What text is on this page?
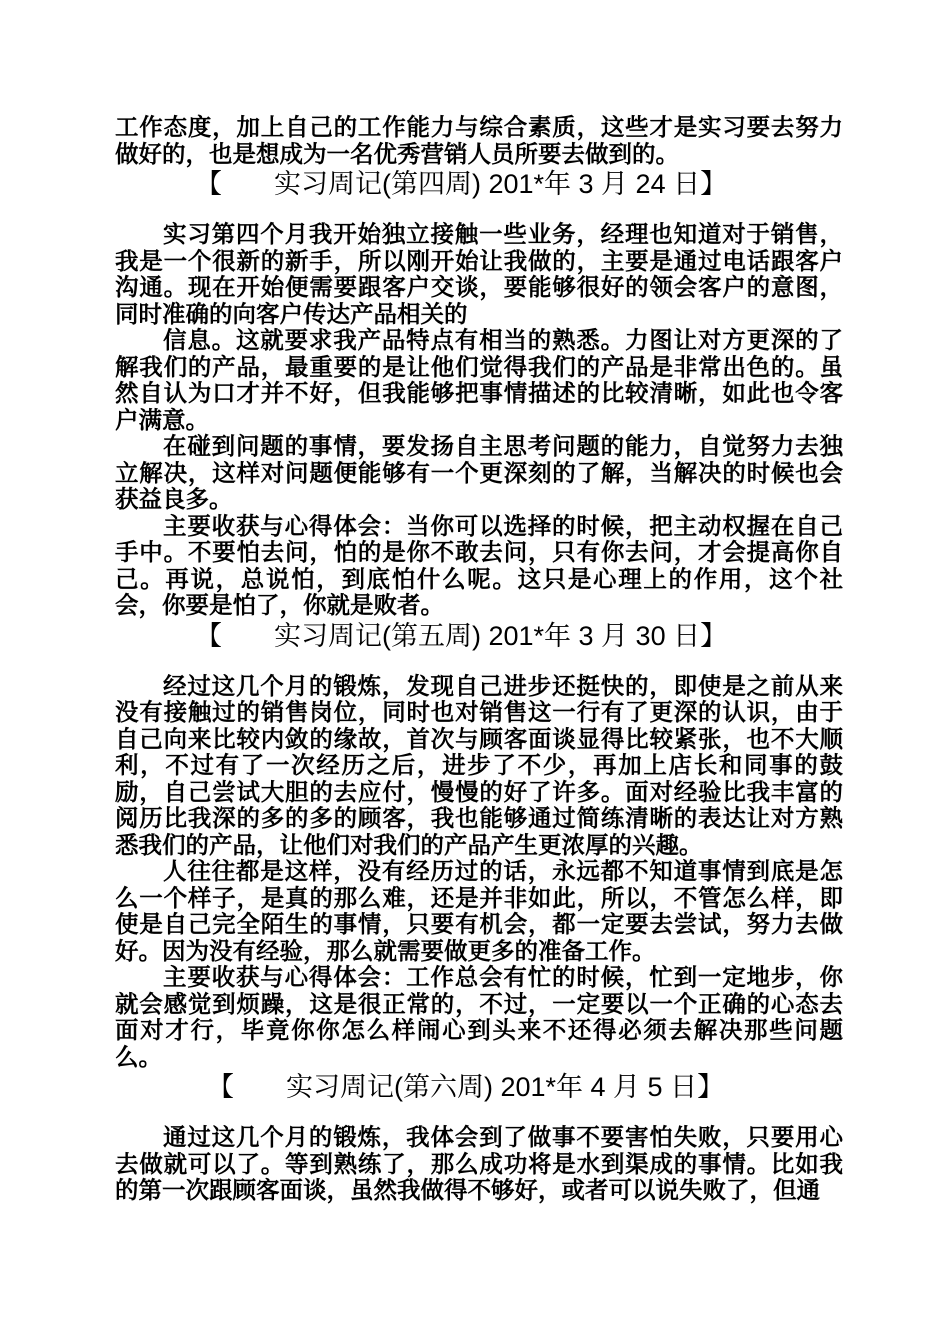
工作态度，加上自己的工作能力与综合素质，这些才是实习要去努力做好的，也是想成为一名优秀营销人员所要去做到的。

【 实习周记(第四周) 201*年 3 月 24 日】

实习第四个月我开始独立接触一些业务，经理也知道对于销售，我是一个很新的新手，所以刚开始让我做的，主要是通过电话跟客户沟通。现在开始便需要跟客户交谈，要能够很好的领会客户的意图，同时准确的向客户传达产品相关的

信息。这就要求我产品特点有相当的熟悉。力图让对方更深的了解我们的产品，最重要的是让他们觉得我们的产品是非常出色的。虽然自认为口才并不好，但我能够把事情描述的比较清晰，如此也令客户满意。

在碰到问题的事情，要发扬自主思考问题的能力，自觉努力去独立解决，这样对问题便能够有一个更深刻的了解，当解决的时候也会获益良多。

主要收获与心得体会：当你可以选择的时候，把主动权握在自己手中。不要怕去问，怕的是你不敢去问，只有你去问，才会提高你自己。再说，总说怕，到底怕什么呢。这只是心理上的作用，这个社会，你要是怕了，你就是败者。

【 实习周记(第五周) 201*年 3 月 30 日】

经过这几个月的锻炼，发现自己进步还挺快的，即使是之前从来没有接触过的销售岗位，同时也对销售这一行有了更深的认识，由于自己向来比较内敛的缘故，首次与顾客面谈显得比较紧张，也不大顺利，不过有了一次经历之后，进步了不少，再加上店长和同事的鼓励，自己尝试大胆的去应付，慢慢的好了许多。面对经验比我丰富的阅历比我深的多的多的顾客，我也能够通过简练清晰的表达让对方熟悉我们的产品，让他们对我们的产品产生更浓厚的兴趣。

人往往都是这样，没有经历过的话，永远都不知道事情到底是怎么一个样子，是真的那么难，还是并非如此，所以，不管怎么样，即使是自己完全陌生的事情，只要有机会，都一定要去尝试，努力去做好。因为没有经验，那么就需要做更多的准备工作。

主要收获与心得体会：工作总会有忙的时候，忙到一定地步，你就会感觉到烦躁，这是很正常的，不过，一定要以一个正确的心态去面对才行，毕竟你你怎么样闹心到头来不还得必须去解决那些问题么。

【 实习周记(第六周) 201*年 4 月 5 日】

通过这几个月的锻炼，我体会到了做事不要害怕失败，只要用心去做就可以了。等到熟练了，那么成功将是水到渠成的事情。比如我的第一次跟顾客面谈，虽然我做得不够好，或者可以说失败了，但通
